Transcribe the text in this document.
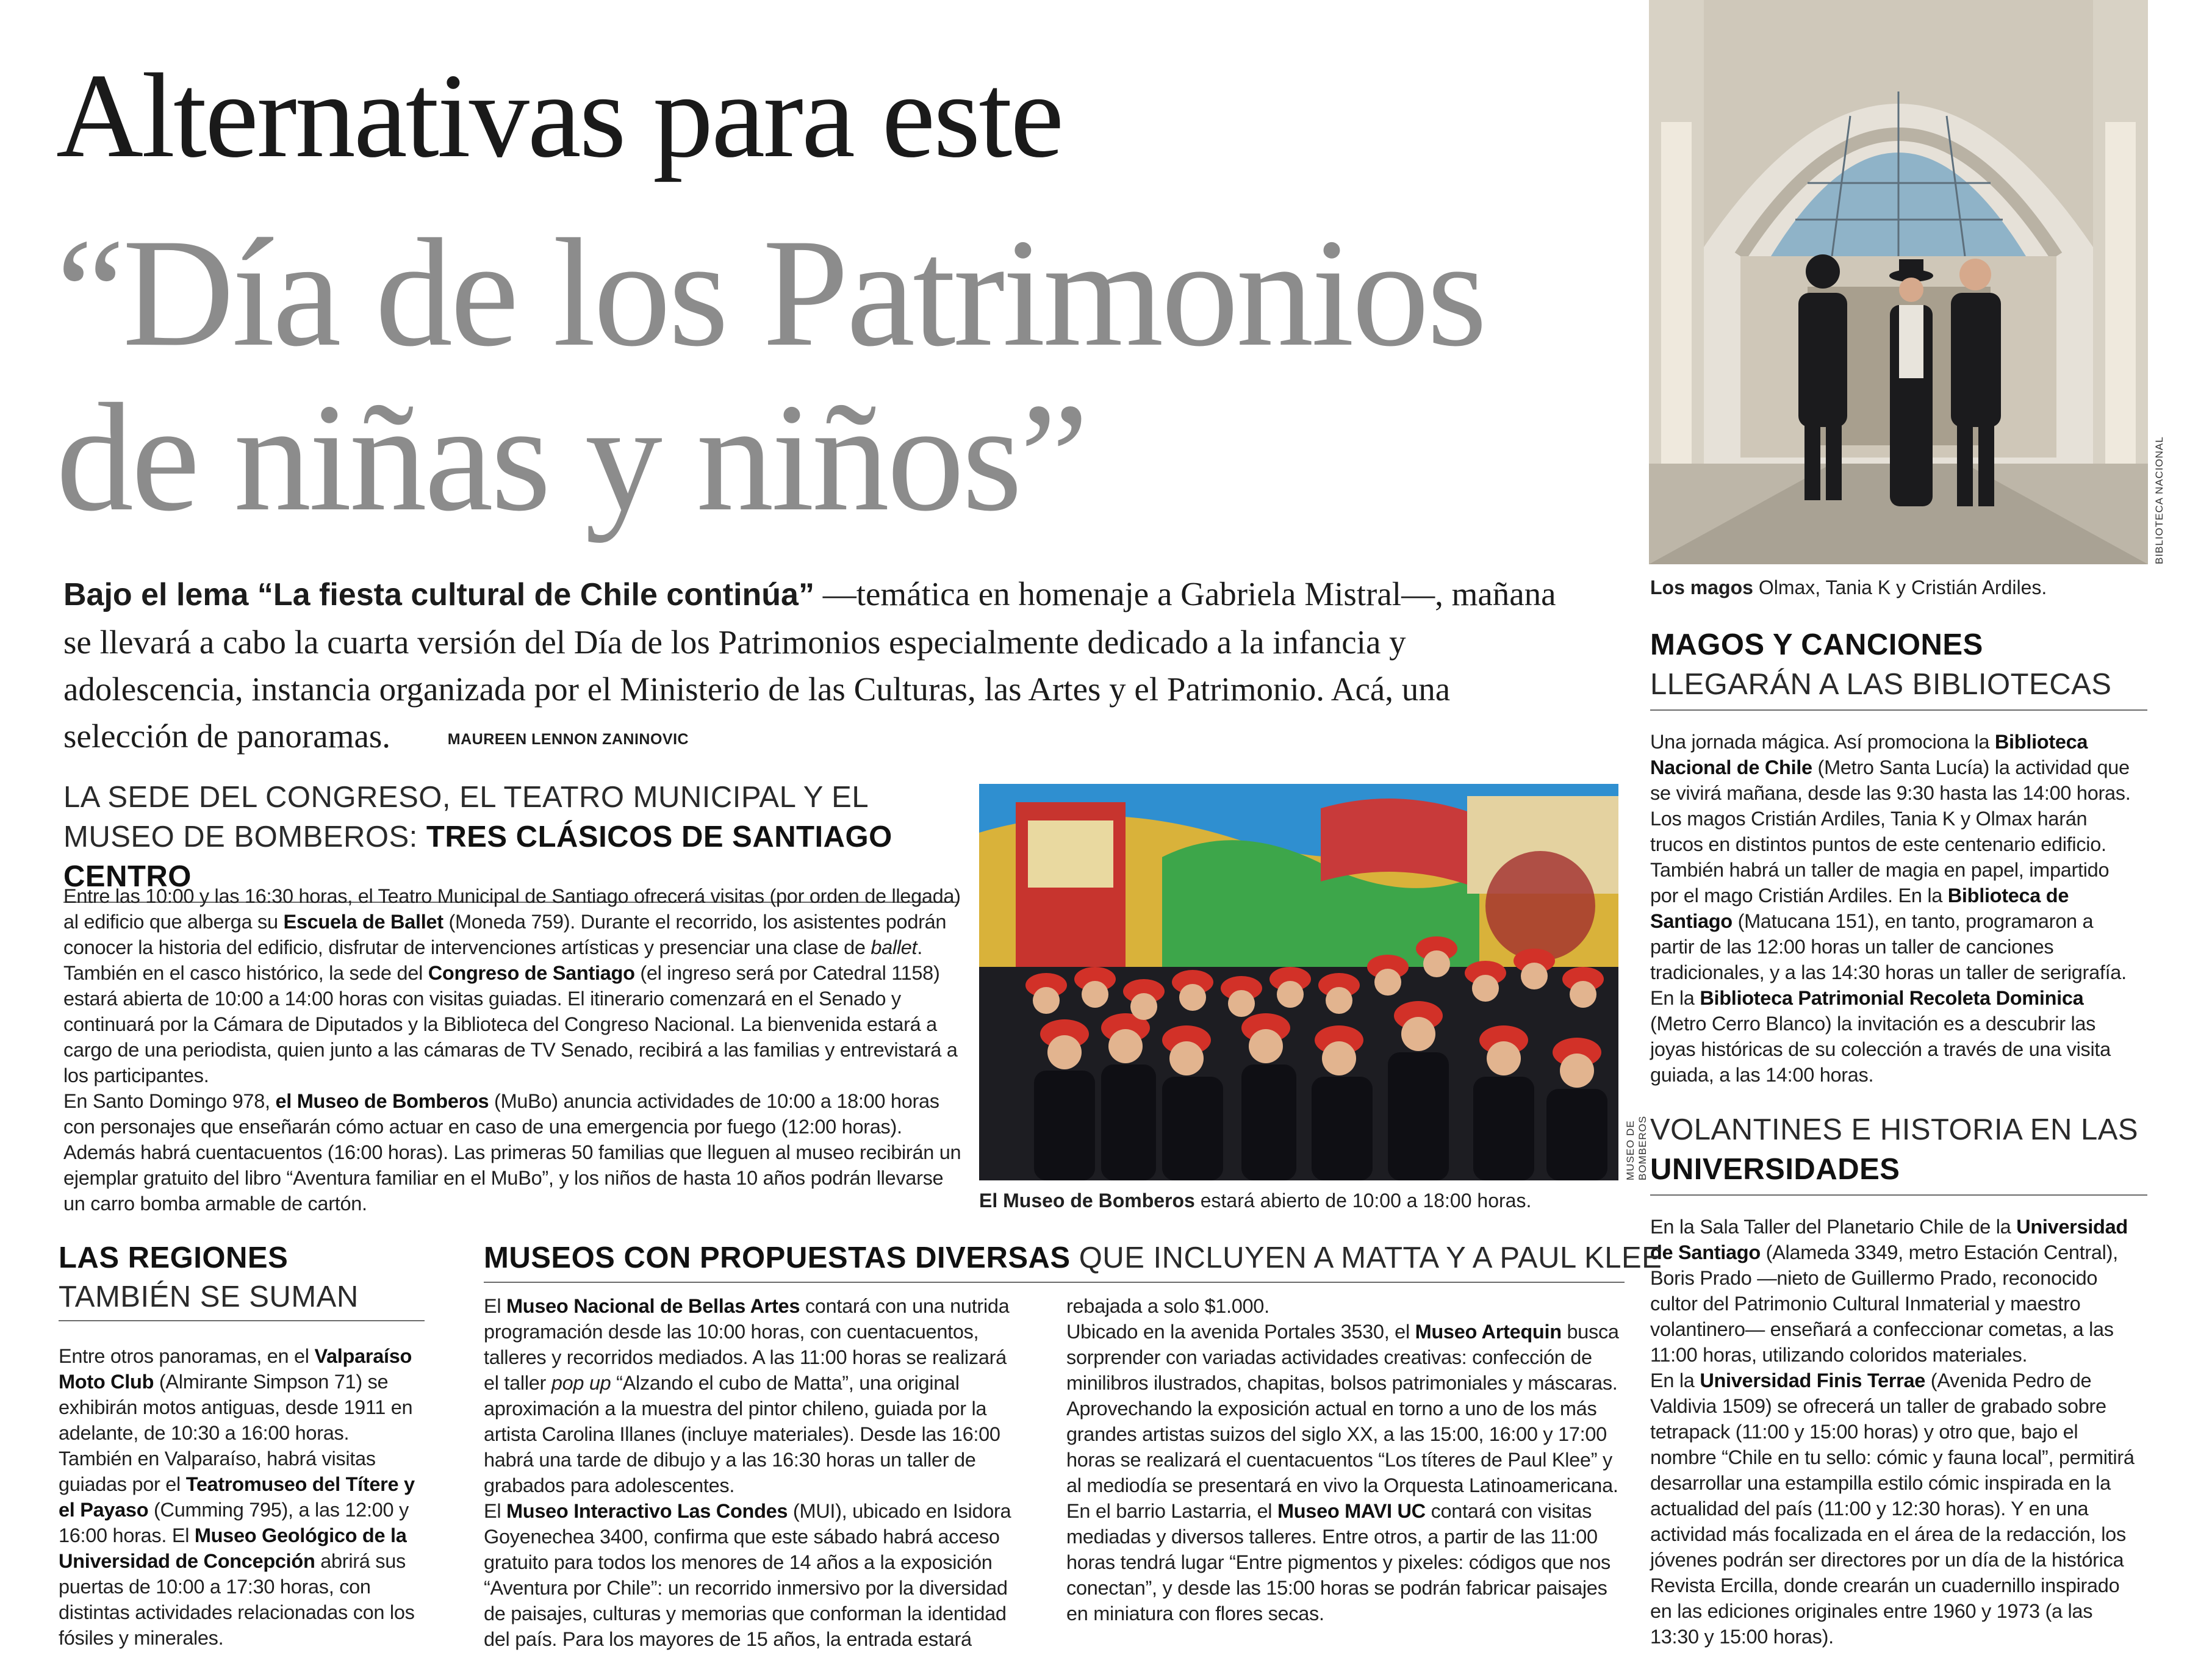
Alternativas para este
“Día de los Patrimonios
de niñas y niños”
Bajo el lema “La fiesta cultural de Chile continúa” —temática en homenaje a Gabriela Mistral—, mañana se llevará a cabo la cuarta versión del Día de los Patrimonios especialmente dedicado a la infancia y adolescencia, instancia organizada por el Ministerio de las Culturas, las Artes y el Patrimonio. Acá, una selección de panoramas.	MAUREEN LENNON ZANINOVIC
LA SEDE DEL CONGRESO, EL TEATRO MUNICIPAL Y EL MUSEO DE BOMBEROS: TRES CLÁSICOS DE SANTIAGO CENTRO

Entre las 10:00 y las 16:30 horas, el Teatro Municipal de Santiago ofrecerá visitas (por orden de llegada) al edificio que alberga su Escuela de Ballet (Moneda 759). Durante el recorrido, los asistentes podrán conocer la historia del edificio, disfrutar de intervenciones artísticas y presenciar una clase de ballet. También en el casco histórico, la sede del Congreso de Santiago (el ingreso será por Catedral 1158) estará abierta de 10:00 a 14:00 horas con visitas guiadas. El itinerario comenzará en el Senado y continuará por la Cámara de Diputados y la Biblioteca del Congreso Nacional. La bienvenida estará a cargo de una periodista, quien junto a las cámaras de TV Senado, recibirá a las familias y entrevistará a los participantes.

En Santo Domingo 978, el Museo de Bomberos (MuBo) anuncia actividades de 10:00 a 18:00 horas con personajes que enseñarán cómo actuar en caso de una emergencia por fuego (12:00 horas). Además habrá cuentacuentos (16:00 horas). Las primeras 50 familias que lleguen al museo recibirán un ejemplar gratuito del libro “Aventura familiar en el MuBo”, y los niños de hasta 10 años podrán llevarse un carro bomba armable de cartón.

MUSEO DE BOMBEROS
El Museo de Bomberos estará abierto de 10:00 a 18:00 horas.
BIBLIOTECA NACIONAL
Los magos Olmax, Tania K y Cristián Ardiles.
MAGOS Y CANCIONES LLEGARÁN A LAS BIBLIOTECAS

Una jornada mágica. Así promociona la Biblioteca Nacional de Chile (Metro Santa Lucía) la actividad que se vivirá mañana, desde las 9:30 hasta las 14:00 horas. Los magos Cristián Ardiles, Tania K y Olmax harán trucos en distintos puntos de este centenario edificio. También habrá un taller de magia en papel, impartido por el mago Cristián Ardiles. En la Biblioteca de Santiago (Matucana 151), en tanto, programaron a partir de las 12:00 horas un taller de canciones tradicionales, y a las 14:30 horas un taller de serigrafía. En la Biblioteca Patrimonial Recoleta Dominica (Metro Cerro Blanco) la invitación es a descubrir las joyas históricas de su colección a través de una visita guiada, a las 14:00 horas.

VOLANTINES E HISTORIA EN LAS UNIVERSIDADES

En la Sala Taller del Planetario Chile de la Universidad de Santiago (Alameda 3349, metro Estación Central), Boris Prado —nieto de Guillermo Prado, reconocido cultor del Patrimonio Cultural Inmaterial y maestro volantinero— enseñará a confeccionar cometas, a las 11:00 horas, utilizando coloridos materiales.

En la Universidad Finis Terrae (Avenida Pedro de Valdivia 1509) se ofrecerá un taller de grabado sobre tetrapack (11:00 y 15:00 horas) y otro que, bajo el nombre “Chile en tu sello: cómic y fauna local”, permitirá desarrollar una estampilla estilo cómic inspirada en la actualidad del país (11:00 y 12:30 horas). Y en una actividad más focalizada en el área de la redacción, los jóvenes podrán ser directores por un día de la histórica Revista Ercilla, donde crearán un cuadernillo inspirado en las ediciones originales entre 1960 y 1973 (a las 13:30 y 15:00 horas).

LAS REGIONES
TAMBIÉN SE SUMAN

Entre otros panoramas, en el Valparaíso Moto Club (Almirante Simpson 71) se exhibirán motos antiguas, desde 1911 en adelante, de 10:30 a 16:00 horas. También en Valparaíso, habrá visitas guiadas por el Teatromuseo del Títere y el Payaso (Cumming 795), a las 12:00 y 16:00 horas. El Museo Geológico de la Universidad de Concepción abrirá sus puertas de 10:00 a 17:30 horas, con distintas actividades relacionadas con los fósiles y minerales.

MUSEOS CON PROPUESTAS DIVERSAS QUE INCLUYEN A MATTA Y A PAUL KLEE

El Museo Nacional de Bellas Artes contará con una nutrida programación desde las 10:00 horas, con cuentacuentos, talleres y recorridos mediados. A las 11:00 horas se realizará el taller pop up “Alzando el cubo de Matta”, una original aproximación a la muestra del pintor chileno, guiada por la artista Carolina Illanes (incluye materiales). Desde las 16:00 habrá una tarde de dibujo y a las 16:30 horas un taller de grabados para adolescentes.

El Museo Interactivo Las Condes (MUI), ubicado en Isidora Goyenechea 3400, confirma que este sábado habrá acceso gratuito para todos los menores de 14 años a la exposición “Aventura por Chile”: un recorrido inmersivo por la diversidad de paisajes, culturas y memorias que conforman la identidad del país. Para los mayores de 15 años, la entrada estará

rebajada a solo $1.000.

Ubicado en la avenida Portales 3530, el Museo Artequin busca sorprender con variadas actividades creativas: confección de minilibros ilustrados, chapitas, bolsos patrimoniales y máscaras. Aprovechando la exposición actual en torno a uno de los más grandes artistas suizos del siglo XX, a las 15:00, 16:00 y 17:00 horas se realizará el cuentacuentos “Los títeres de Paul Klee” y al mediodía se presentará en vivo la Orquesta Latinoamericana.

En el barrio Lastarria, el Museo MAVI UC contará con visitas mediadas y diversos talleres. Entre otros, a partir de las 11:00 horas tendrá lugar “Entre pigmentos y pixeles: códigos que nos conectan”, y desde las 15:00 horas se podrán fabricar paisajes en miniatura con flores secas.
